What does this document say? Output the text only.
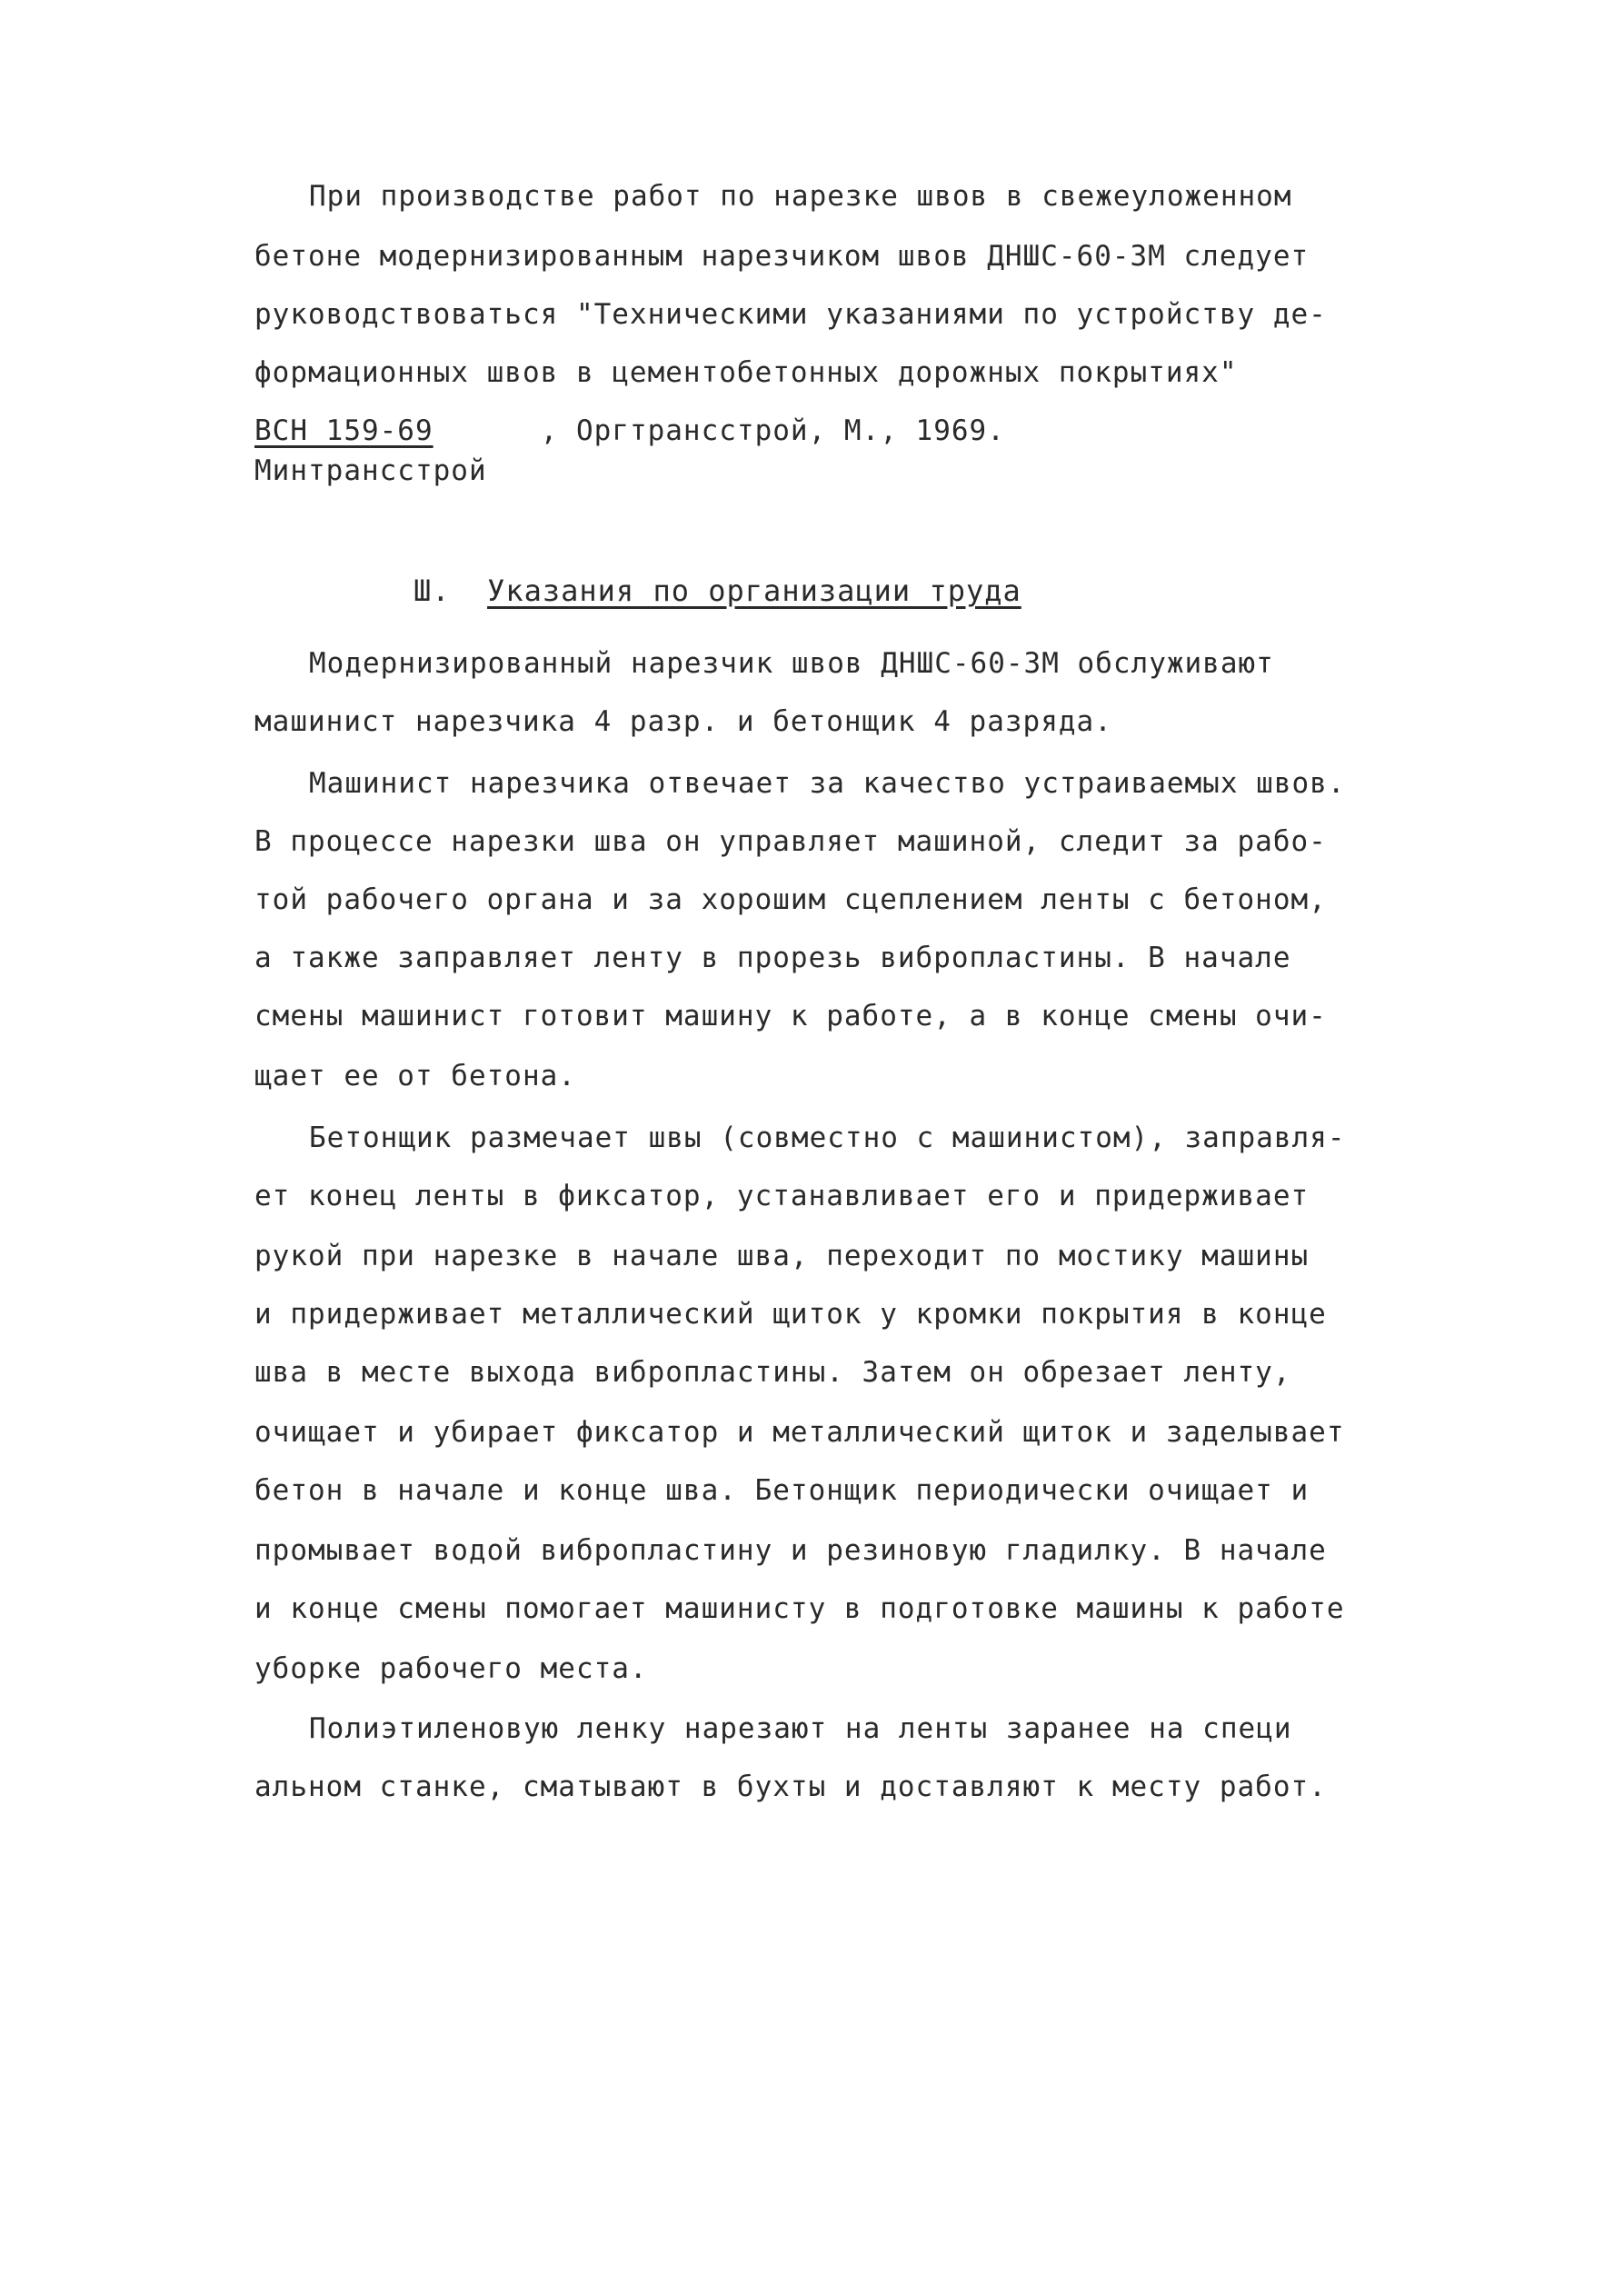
При производстве работ по нарезке швов в свежеуложенном
бетоне модернизированным нарезчиком швов ДНШС-60-3М следует
руководствоваться "Техническими указаниями по устройству де-
формационных швов в цементобетонных дорожных покрытиях"
ВСН 159-69	, Оргтрансстрой, М., 1969.
Минтрансстрой
Ш. Указания по организации труда
Модернизированный нарезчик швов ДНШС-60-3М обслуживают
машинист нарезчика 4 разр. и бетонщик 4 разряда.
Машинист нарезчика отвечает за качество устраиваемых швов.
В процессе нарезки шва он управляет машиной, следит за рабо-
той рабочего органа и за хорошим сцеплением ленты с бетоном,
а также заправляет ленту в прорезь вибропластины. В начале
смены машинист готовит машину к работе, а в конце смены очи-
щает ее от бетона.
Бетонщик размечает швы (совместно с машинистом), заправля-
ет конец ленты в фиксатор, устанавливает его и придерживает
рукой при нарезке в начале шва, переходит по мостику машины
и придерживает металлический щиток у кромки покрытия в конце
шва в месте выхода вибропластины. Затем он обрезает ленту,
очищает и убирает фиксатор и металлический щиток и заделывает
бетон в начале и конце шва. Бетонщик периодически очищает и
промывает водой вибропластину и резиновую гладилку. В начале
и конце смены помогает машинисту в подготовке машины к работе
уборке рабочего места.
Полиэтиленовую ленку нарезают на ленты заранее на специ
альном станке, сматывают в бухты и доставляют к месту работ.
